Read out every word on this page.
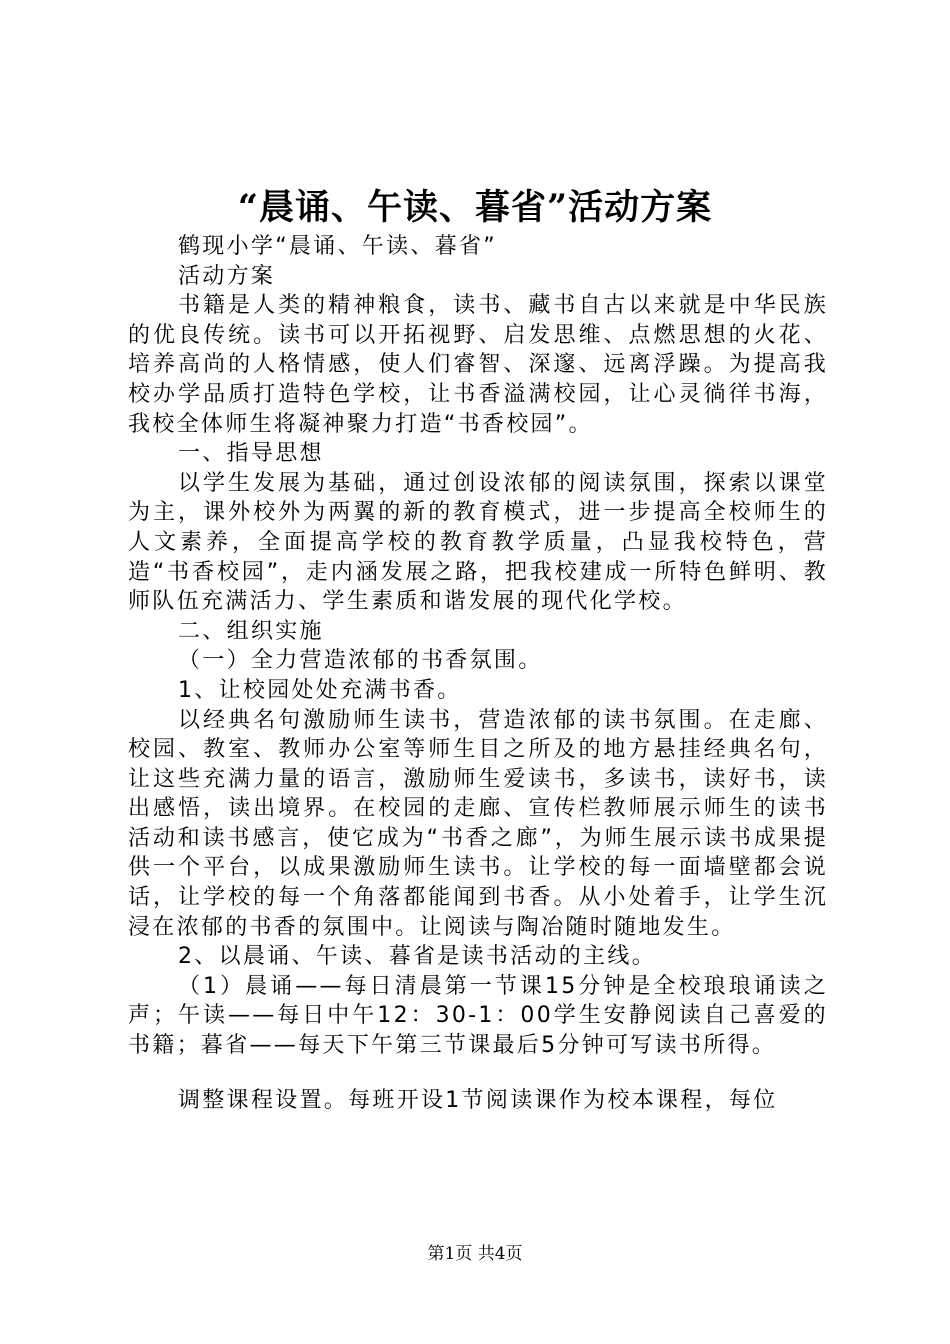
“晨诵、午读、暮省”活动方案

鹤现小学“晨诵、午读、暮省”

活动方案

书籍是人类的精神粮食，读书、藏书自古以来就是中华民族的优良传统。读书可以开拓视野、启发思维、点燃思想的火花、培养高尚的人格情感，使人们睿智、深邃、远离浮躁。为提高我校办学品质打造特色学校，让书香溢满校园，让心灵徜徉书海，我校全体师生将凝神聚力打造“书香校园”。

一、指导思想

以学生发展为基础，通过创设浓郁的阅读氛围，探索以课堂为主，课外校外为两翼的新的教育模式，进一步提高全校师生的人文素养，全面提高学校的教育教学质量，凸显我校特色，营造“书香校园”，走内涵发展之路，把我校建成一所特色鲜明、教师队伍充满活力、学生素质和谐发展的现代化学校。

二、组织实施

（一）全力营造浓郁的书香氛围。

1、让校园处处充满书香。

以经典名句激励师生读书，营造浓郁的读书氛围。在走廊、校园、教室、教师办公室等师生目之所及的地方悬挂经典名句，让这些充满力量的语言，激励师生爱读书，多读书，读好书，读出感悟，读出境界。在校园的走廊、宣传栏教师展示师生的读书活动和读书感言，使它成为“书香之廊”，为师生展示读书成果提供一个平台，以成果激励师生读书。让学校的每一面墙壁都会说话，让学校的每一个角落都能闻到书香。从小处着手，让学生沉浸在浓郁的书香的氛围中。让阅读与陶冶随时随地发生。

2、以晨诵、午读、暮省是读书活动的主线。

（1）晨诵——每日清晨第一节课15分钟是全校琅琅诵读之声；午读——每日中午12：30-1：00学生安静阅读自己喜爱的书籍；暮省——每天下午第三节课最后5分钟可写读书所得。

调整课程设置。每班开设1节阅读课作为校本课程，每位

第1页 共4页
